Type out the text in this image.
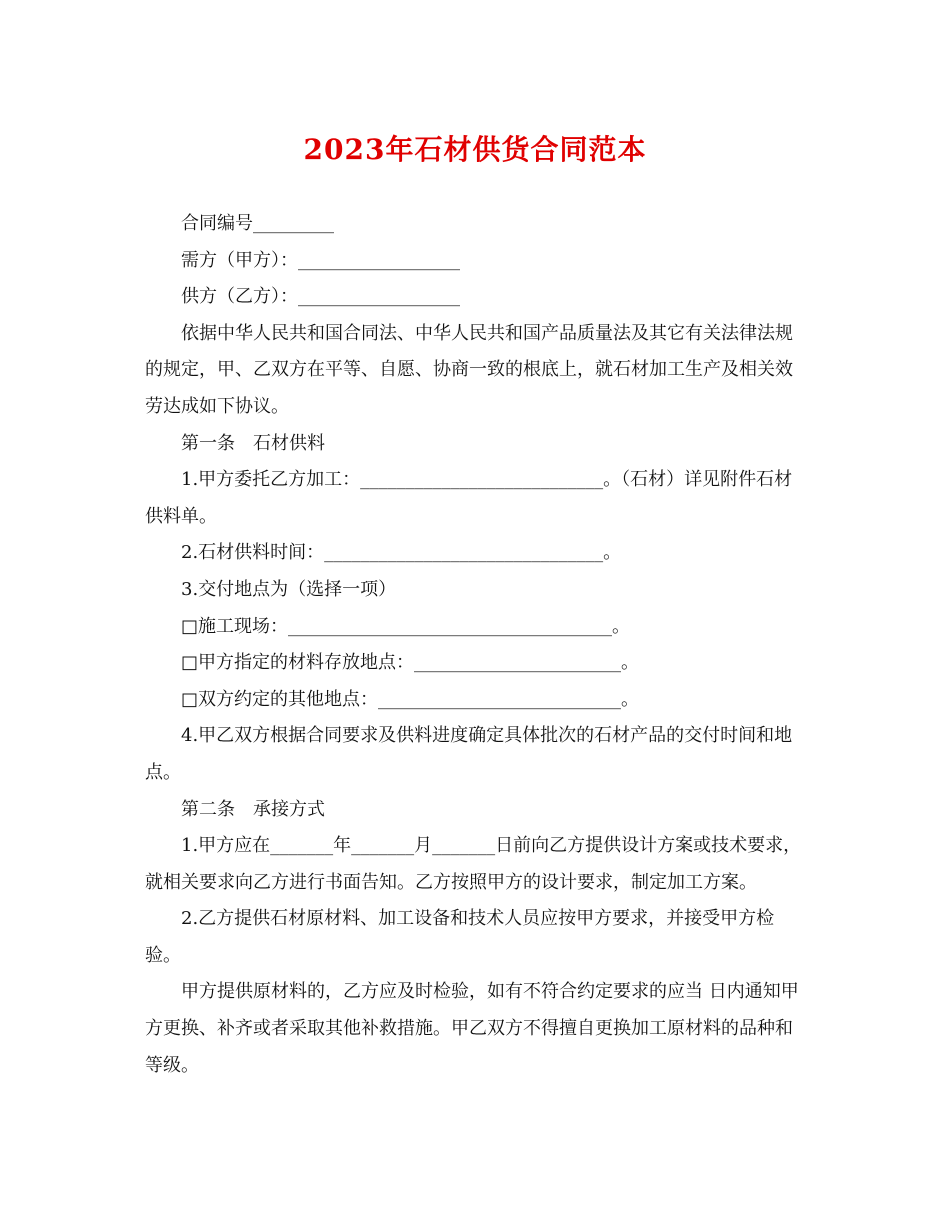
2023年石材供货合同范本

合同编号_________

需方（甲方）：__________________

供方（乙方）：__________________

依据中华人民共和国合同法、中华人民共和国产品质量法及其它有关法律法规的规定，甲、乙双方在平等、自愿、协商一致的根底上，就石材加工生产及相关效劳达成如下协议。

第一条　石材供料

1.甲方委托乙方加工：___________________________。（石材）详见附件石材供料单。

2.石材供料时间：_______________________________。

3.交付地点为（选择一项）

□施工现场：____________________________________。

□甲方指定的材料存放地点：_______________________。

□双方约定的其他地点：___________________________。

4.甲乙双方根据合同要求及供料进度确定具体批次的石材产品的交付时间和地点。

第二条　承接方式

1.甲方应在_______年_______月_______日前向乙方提供设计方案或技术要求，就相关要求向乙方进行书面告知。乙方按照甲方的设计要求，制定加工方案。

2.乙方提供石材原材料、加工设备和技术人员应按甲方要求，并接受甲方检验。

甲方提供原材料的，乙方应及时检验，如有不符合约定要求的应当 日内通知甲方更换、补齐或者采取其他补救措施。甲乙双方不得擅自更换加工原材料的品种和等级。
